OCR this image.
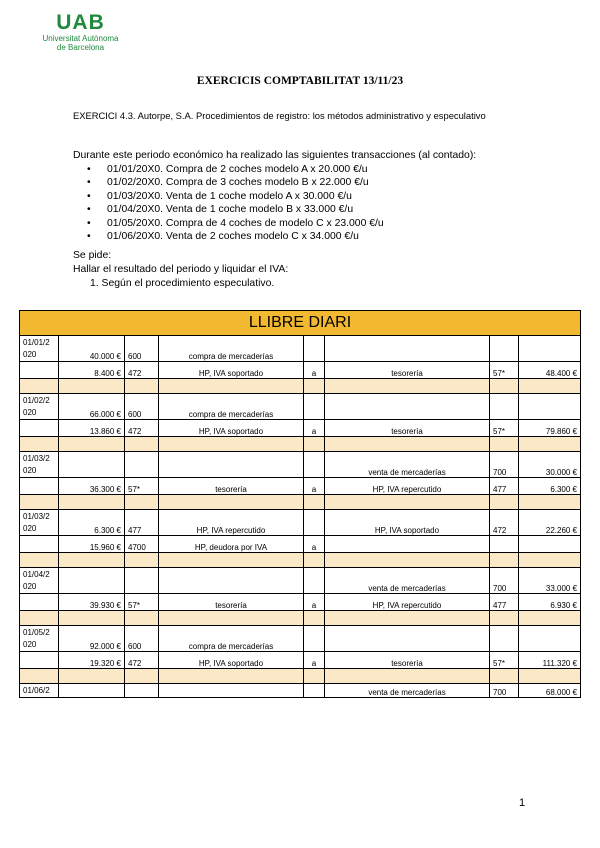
UAB
Universitat Autònoma
de Barcelona
EXERCICIS COMPTABILITAT 13/11/23
EXERCICI 4.3. Autorpe, S.A. Procedimientos de registro: los métodos administrativo y especulativo
Durante este periodo económico ha realizado las siguientes transacciones (al contado):
• 01/01/20X0. Compra de 2 coches modelo A x 20.000 €/u
• 01/02/20X0. Compra de 3 coches modelo B x 22.000 €/u
• 01/03/20X0. Venta de 1 coche modelo A x 30.000 €/u
• 01/04/20X0. Venta de 1 coche modelo B x 33.000 €/u
• 01/05/20X0. Compra de 4 coches de modelo C x 23.000 €/u
• 01/06/20X0. Venta de 2 coches modelo C x 34.000 €/u
Se pide:
Hallar el resultado del periodo y liquidar el IVA:
1. Según el procedimiento especulativo.
LLIBRE DIARI							
01/01/2 020	40.000 €	600	compra de mercaderías				
	8.400 €	472	HP, IVA soportado	a	tesorería	57*	48.400 €

01/02/2 020	66.000 €	600	compra de mercaderías				
	13.860 €	472	HP, IVA soportado	a	tesorería	57*	79.860 €

01/03/2 020					venta de mercaderías	700	30.000 €
	36.300 €	57*	tesorería	a	HP, IVA repercutido	477	6.300 €

01/03/2 020	6.300 €	477	HP, IVA repercutido		HP, IVA soportado	472	22.260 €
	15.960 €	4700	HP, deudora por IVA	a			

01/04/2 020					venta de mercaderías	700	33.000 €
	39.930 €	57*	tesorería	a	HP, IVA repercutido	477	6.930 €

01/05/2 020	92.000 €	600	compra de mercaderías				
	19.320 €	472	HP, IVA soportado	a	tesorería	57*	111.320 €

01/06/2					venta de mercaderías	700	68.000 €
1
